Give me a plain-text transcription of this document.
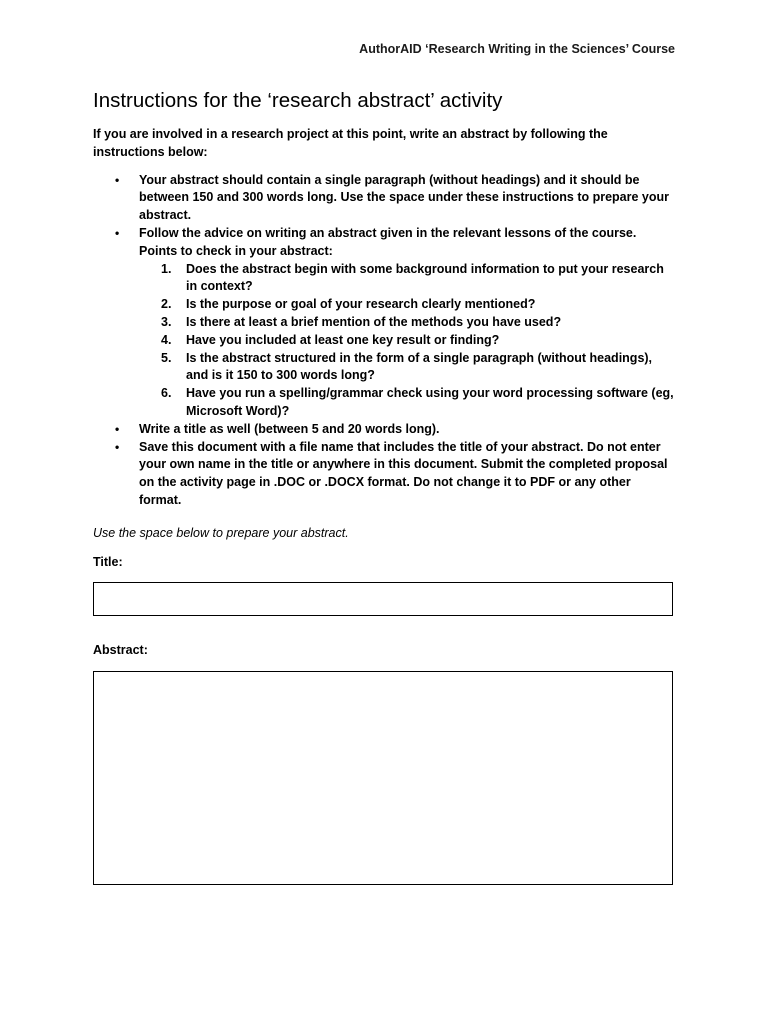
AuthorAID ‘Research Writing in the Sciences’ Course
Instructions for the ‘research abstract’ activity

If you are involved in a research project at this point, write an abstract by following the instructions below:

• Your abstract should contain a single paragraph (without headings) and it should be between 150 and 300 words long. Use the space under these instructions to prepare your abstract.
• Follow the advice on writing an abstract given in the relevant lessons of the course. Points to check in your abstract:
1. Does the abstract begin with some background information to put your research in context?
2. Is the purpose or goal of your research clearly mentioned?
3. Is there at least a brief mention of the methods you have used?
4. Have you included at least one key result or finding?
5. Is the abstract structured in the form of a single paragraph (without headings), and is it 150 to 300 words long?
6. Have you run a spelling/grammar check using your word processing software (eg, Microsoft Word)?
• Write a title as well (between 5 and 20 words long).
• Save this document with a file name that includes the title of your abstract. Do not enter your own name in the title or anywhere in this document. Submit the completed proposal on the activity page in .DOC or .DOCX format. Do not change it to PDF or any other format.

Use the space below to prepare your abstract.

Title:

Abstract:
